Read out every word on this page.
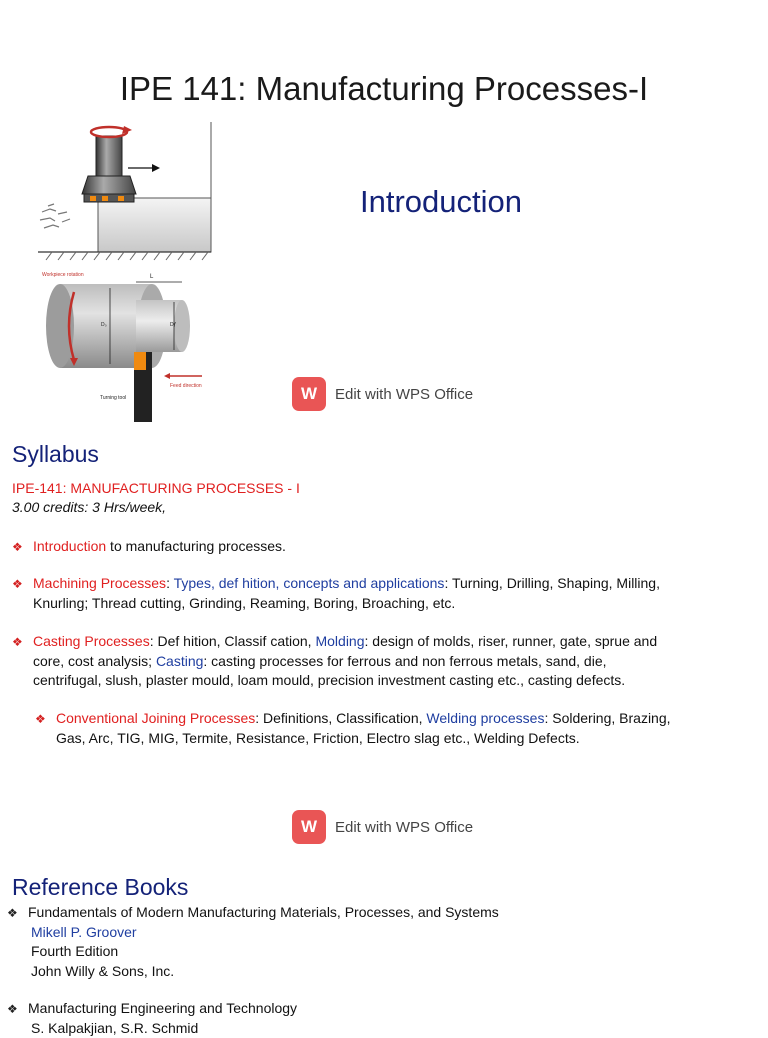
IPE 141: Manufacturing Processes-I
Workpiece rotation	L
D₀	Dƒ
Feed direction
Turning tool
Introduction
W	Edit with WPS Office
Syllabus
IPE-141: MANUFACTURING PROCESSES - I
3.00 credits: 3 Hrs/week,
❖ Introduction to manufacturing processes.
❖ Machining Processes: Types, def hition, concepts and applications: Turning, Drilling, Shaping, Milling,
Knurling; Thread cutting, Grinding, Reaming, Boring, Broaching, etc.
❖ Casting Processes: Def hition, Classif cation, Molding: design of molds, riser, runner, gate, sprue and
core, cost analysis; Casting: casting processes for ferrous and non ferrous metals, sand, die,
centrifugal, slush, plaster mould, loam mould, precision investment casting etc., casting defects.
❖ Conventional Joining Processes: Definitions, Classification, Welding processes: Soldering, Brazing,
Gas, Arc, TIG, MIG, Termite, Resistance, Friction, Electro slag etc., Welding Defects.
W	Edit with WPS Office
Reference Books
❖ Fundamentals of Modern Manufacturing Materials, Processes, and Systems
Mikell P. Groover
Fourth Edition
John Willy & Sons, Inc.
❖ Manufacturing Engineering and Technology
S. Kalpakjian, S.R. Schmid
